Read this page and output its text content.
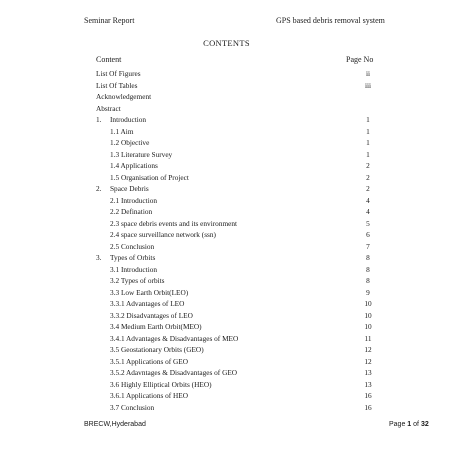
Seminar Report	GPS based debris removal system
CONTENTS
Content	Page No
List Of Figures	ii
List Of Tables	iii
Acknowledgement
Abstract
1. Introduction	1
1.1 Aim	1
1.2 Objective	1
1.3 Literature Survey	1
1.4 Applications	2
1.5 Organisation of Project	2
2. Space Debris	2
2.1 Introduction	4
2.2 Defination	4
2.3 space debris events and its environment	5
2.4 space surveillance network (ssn)	6
2.5 Conclusion	7
3. Types of Orbits	8
3.1 Introduction	8
3.2 Types of orbits	8
3.3 Low Earth Orbit(LEO)	9
3.3.1 Advantages of LEO	10
3.3.2 Disadvantages of LEO	10
3.4 Medium Earth Orbit(MEO)	10
3.4.1 Advantages & Disadvantages of MEO	11
3.5 Geostationary Orbits (GEO)	12
3.5.1 Applications of GEO	12
3.5.2 Adavntages & Disadvantages of GEO	13
3.6 Highly Elliptical Orbits (HEO)	13
3.6.1 Applications of HEO	16
3.7 Conclusion	16
BRECW,Hyderabad	Page 1 of 32
